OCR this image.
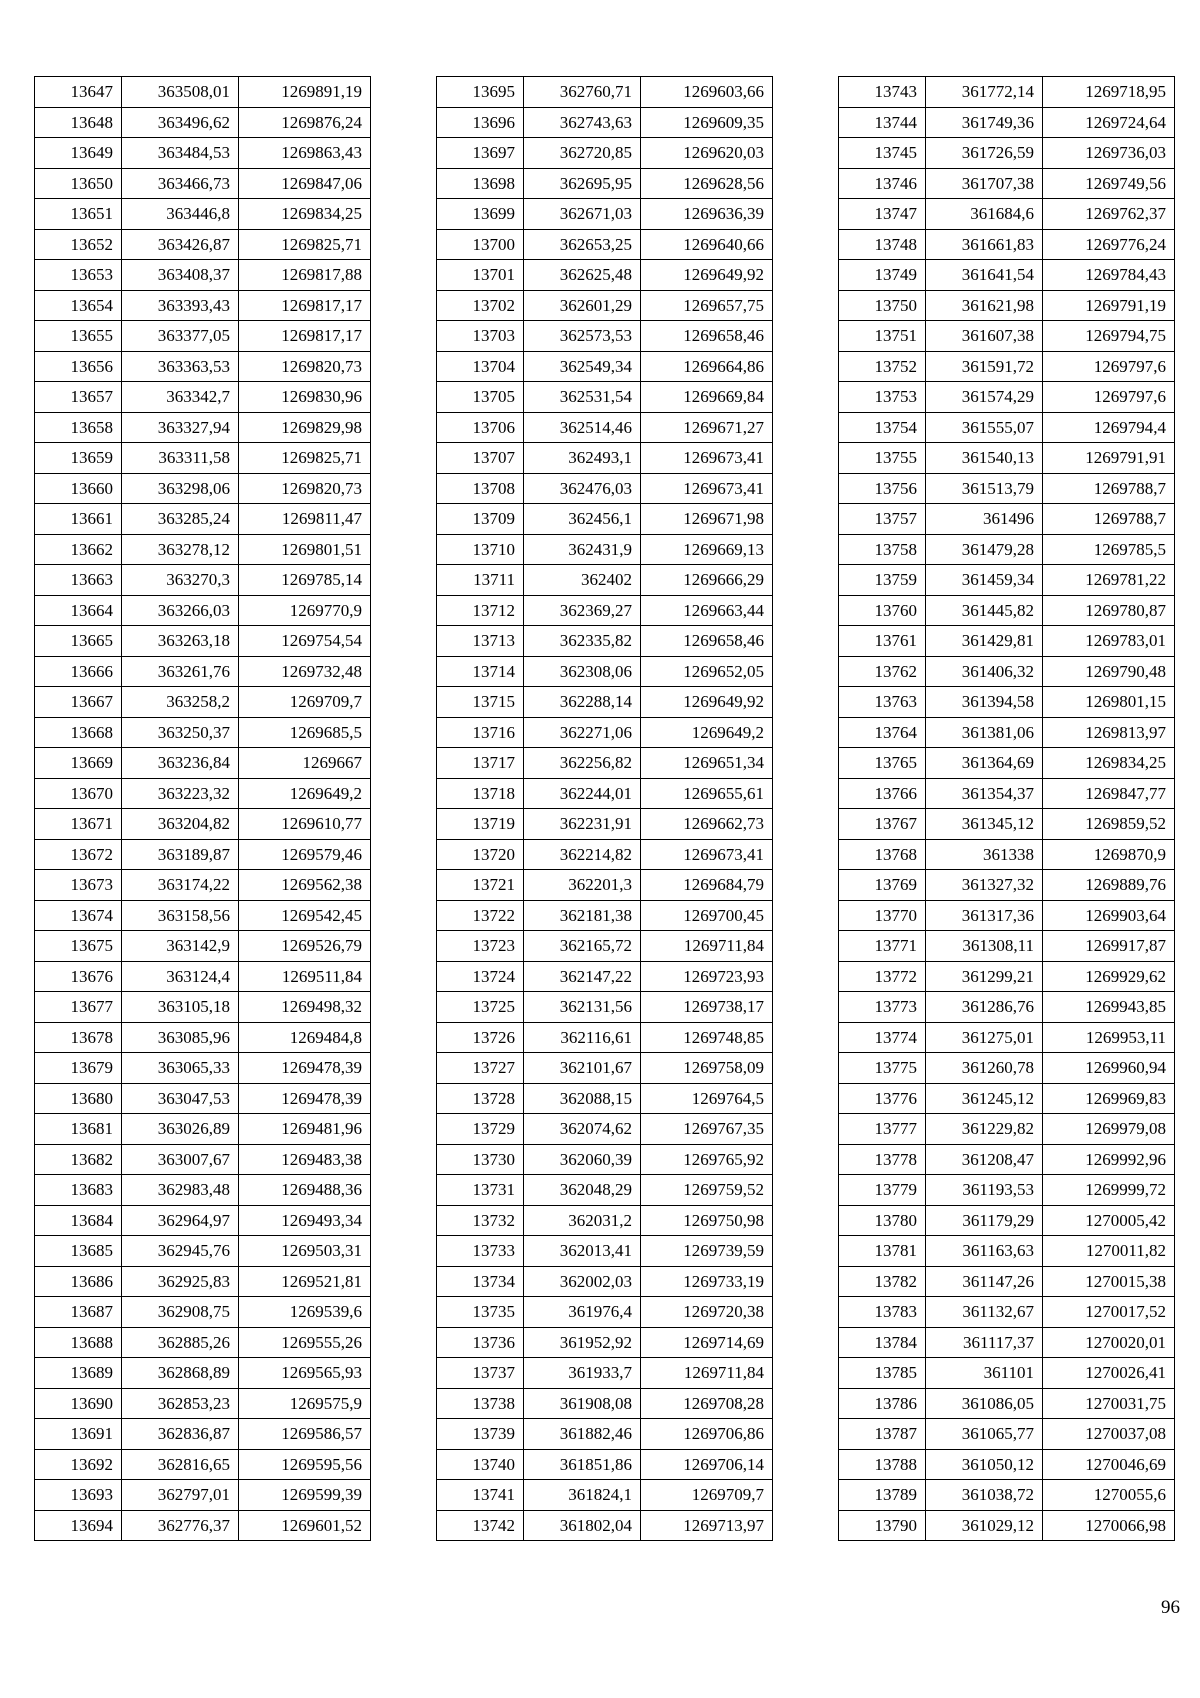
13647	363508,01	1269891,19
13648	363496,62	1269876,24
13649	363484,53	1269863,43
13650	363466,73	1269847,06
13651	363446,8	1269834,25
13652	363426,87	1269825,71
13653	363408,37	1269817,88
13654	363393,43	1269817,17
13655	363377,05	1269817,17
13656	363363,53	1269820,73
13657	363342,7	1269830,96
13658	363327,94	1269829,98
13659	363311,58	1269825,71
13660	363298,06	1269820,73
13661	363285,24	1269811,47
13662	363278,12	1269801,51
13663	363270,3	1269785,14
13664	363266,03	1269770,9
13665	363263,18	1269754,54
13666	363261,76	1269732,48
13667	363258,2	1269709,7
13668	363250,37	1269685,5
13669	363236,84	1269667
13670	363223,32	1269649,2
13671	363204,82	1269610,77
13672	363189,87	1269579,46
13673	363174,22	1269562,38
13674	363158,56	1269542,45
13675	363142,9	1269526,79
13676	363124,4	1269511,84
13677	363105,18	1269498,32
13678	363085,96	1269484,8
13679	363065,33	1269478,39
13680	363047,53	1269478,39
13681	363026,89	1269481,96
13682	363007,67	1269483,38
13683	362983,48	1269488,36
13684	362964,97	1269493,34
13685	362945,76	1269503,31
13686	362925,83	1269521,81
13687	362908,75	1269539,6
13688	362885,26	1269555,26
13689	362868,89	1269565,93
13690	362853,23	1269575,9
13691	362836,87	1269586,57
13692	362816,65	1269595,56
13693	362797,01	1269599,39
13694	362776,37	1269601,52
13695	362760,71	1269603,66
13696	362743,63	1269609,35
13697	362720,85	1269620,03
13698	362695,95	1269628,56
13699	362671,03	1269636,39
13700	362653,25	1269640,66
13701	362625,48	1269649,92
13702	362601,29	1269657,75
13703	362573,53	1269658,46
13704	362549,34	1269664,86
13705	362531,54	1269669,84
13706	362514,46	1269671,27
13707	362493,1	1269673,41
13708	362476,03	1269673,41
13709	362456,1	1269671,98
13710	362431,9	1269669,13
13711	362402	1269666,29
13712	362369,27	1269663,44
13713	362335,82	1269658,46
13714	362308,06	1269652,05
13715	362288,14	1269649,92
13716	362271,06	1269649,2
13717	362256,82	1269651,34
13718	362244,01	1269655,61
13719	362231,91	1269662,73
13720	362214,82	1269673,41
13721	362201,3	1269684,79
13722	362181,38	1269700,45
13723	362165,72	1269711,84
13724	362147,22	1269723,93
13725	362131,56	1269738,17
13726	362116,61	1269748,85
13727	362101,67	1269758,09
13728	362088,15	1269764,5
13729	362074,62	1269767,35
13730	362060,39	1269765,92
13731	362048,29	1269759,52
13732	362031,2	1269750,98
13733	362013,41	1269739,59
13734	362002,03	1269733,19
13735	361976,4	1269720,38
13736	361952,92	1269714,69
13737	361933,7	1269711,84
13738	361908,08	1269708,28
13739	361882,46	1269706,86
13740	361851,86	1269706,14
13741	361824,1	1269709,7
13742	361802,04	1269713,97
13743	361772,14	1269718,95
13744	361749,36	1269724,64
13745	361726,59	1269736,03
13746	361707,38	1269749,56
13747	361684,6	1269762,37
13748	361661,83	1269776,24
13749	361641,54	1269784,43
13750	361621,98	1269791,19
13751	361607,38	1269794,75
13752	361591,72	1269797,6
13753	361574,29	1269797,6
13754	361555,07	1269794,4
13755	361540,13	1269791,91
13756	361513,79	1269788,7
13757	361496	1269788,7
13758	361479,28	1269785,5
13759	361459,34	1269781,22
13760	361445,82	1269780,87
13761	361429,81	1269783,01
13762	361406,32	1269790,48
13763	361394,58	1269801,15
13764	361381,06	1269813,97
13765	361364,69	1269834,25
13766	361354,37	1269847,77
13767	361345,12	1269859,52
13768	361338	1269870,9
13769	361327,32	1269889,76
13770	361317,36	1269903,64
13771	361308,11	1269917,87
13772	361299,21	1269929,62
13773	361286,76	1269943,85
13774	361275,01	1269953,11
13775	361260,78	1269960,94
13776	361245,12	1269969,83
13777	361229,82	1269979,08
13778	361208,47	1269992,96
13779	361193,53	1269999,72
13780	361179,29	1270005,42
13781	361163,63	1270011,82
13782	361147,26	1270015,38
13783	361132,67	1270017,52
13784	361117,37	1270020,01
13785	361101	1270026,41
13786	361086,05	1270031,75
13787	361065,77	1270037,08
13788	361050,12	1270046,69
13789	361038,72	1270055,6
13790	361029,12	1270066,98
96
